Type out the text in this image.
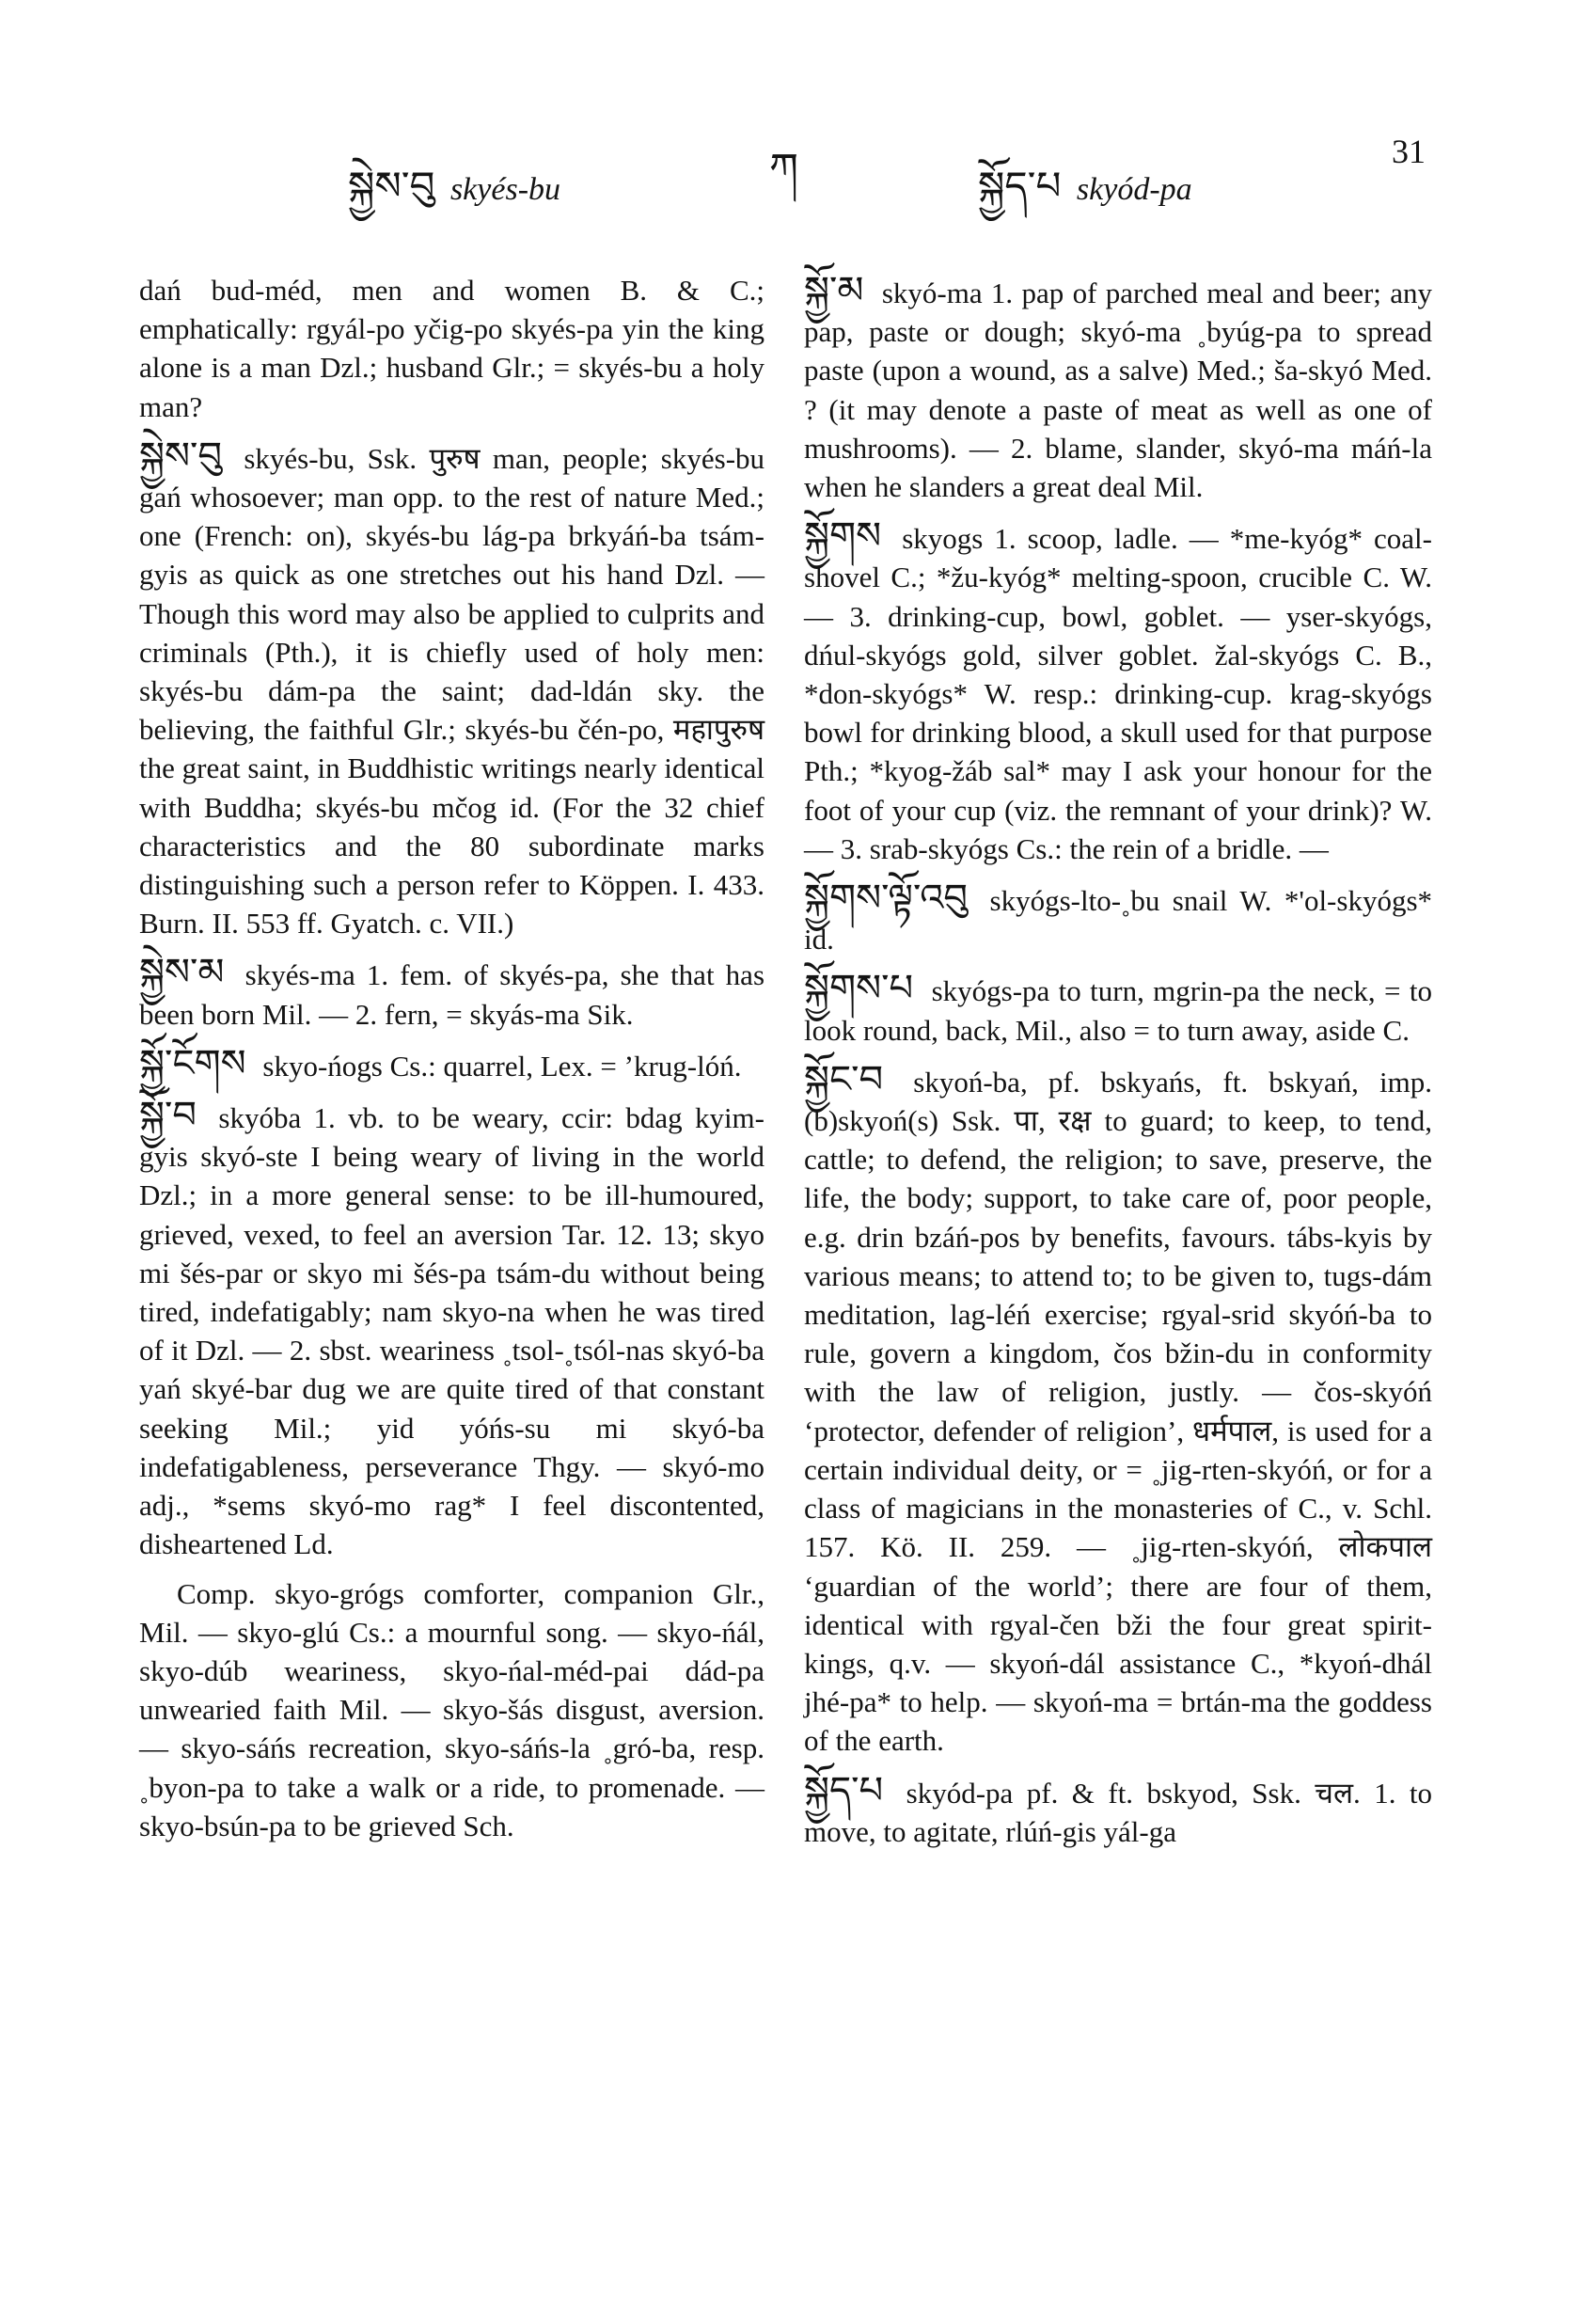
སྐྱེས་བུ skyés-bu	ཀ	སྐྱོད་པ skyód-pa
31

dań bud-méd, men and women B. & C.; emphatically: rgyál-po yčig-po skyés-pa yin the king alone is a man Dzl.; husband Glr.; = skyés-bu a holy man?

སྐྱེས་བུ skyés-bu, Ssk. पुरुष man, people; skyés-bu gań whosoever; man opp. to the rest of nature Med.; one (French: on), skyés-bu lág-pa brkyáń-ba tsám-gyis as quick as one stretches out his hand Dzl. — Though this word may also be applied to culprits and criminals (Pth.), it is chiefly used of holy men: skyés-bu dám-pa the saint; dad-ldán sky. the believing, the faithful Glr.; skyés-bu čén-po, महापुरुष the great saint, in Buddhistic writings nearly identical with Buddha; skyés-bu mčog id. (For the 32 chief characteristics and the 80 subordinate marks distinguishing such a person refer to Köppen. I. 433. Burn. II. 553 ff. Gyatch. c. VII.)

སྐྱེས་མ skyés-ma 1. fem. of skyés-pa, she that has been born Mil. — 2. fern, = skyás-ma Sik.

སྐྱོ་ངོགས skyo-ńogs Cs.: quarrel, Lex. = ʼkrug-lóń.

སྐྱོ་བ skyóba 1. vb. to be weary, ccir: bdag kyim-gyis skyó-ste I being weary of living in the world Dzl.; in a more general sense: to be ill-humoured, grieved, vexed, to feel an aversion Tar. 12. 13; skyo mi šés-par or skyo mi šés-pa tsám-du without being tired, indefatigably; nam skyo-na when he was tired of it Dzl. — 2. sbst. weariness ˳tsol-˳tsól-nas skyó-ba yań skyé-bar dug we are quite tired of that constant seeking Mil.; yid yóńs-su mi skyó-ba indefatigableness, perseverance Thgy. — skyó-mo adj., *sems skyó-mo rag* I feel discontented, disheartened Ld.

Comp. skyo-grógs comforter, companion Glr., Mil. — skyo-glú Cs.: a mournful song. — skyo-ńál, skyo-dúb weariness, skyo-ńal-méd-pai dád-pa unwearied faith Mil. — skyo-šás disgust, aversion. — skyo-sáńs recreation, skyo-sáńs-la ˳gró-ba, resp. ˳byon-pa to take a walk or a ride, to promenade. — skyo-bsún-pa to be grieved Sch.

སྐྱོ་མ skyó-ma 1. pap of parched meal and beer; any pap, paste or dough; skyó-ma ˳byúg-pa to spread paste (upon a wound, as a salve) Med.; ša-skyó Med. ? (it may denote a paste of meat as well as one of mushrooms). — 2. blame, slander, skyó-ma máń-la when he slanders a great deal Mil.

སྐྱོགས skyogs 1. scoop, ladle. — *me-kyóg* coal-shovel C.; *žu-kyóg* melting-spoon, crucible C. W. — 3. drinking-cup, bowl, goblet. — yser-skyógs, dńul-skyógs gold, silver goblet. žal-skyógs C. B., *don-skyógs* W. resp.: drinking-cup. krag-skyógs bowl for drinking blood, a skull used for that purpose Pth.; *kyog-žáb sal* may I ask your honour for the foot of your cup (viz. the remnant of your drink)? W. — 3. srab-skyógs Cs.: the rein of a bridle. —

སྐྱོགས་ལྟོ་འབུ skyógs-lto-˳bu snail W. *'ol-skyógs* id.

སྐྱོགས་པ skyógs-pa to turn, mgrin-pa the neck, = to look round, back, Mil., also = to turn away, aside C.

སྐྱོང་བ skyoń-ba, pf. bskyańs, ft. bskyań, imp. (b)skyoń(s) Ssk. पा, रक्ष to guard; to keep, to tend, cattle; to defend, the religion; to save, preserve, the life, the body; support, to take care of, poor people, e.g. drin bzáń-pos by benefits, favours. tábs-kyis by various means; to attend to; to be given to, tugs-dám meditation, lag-léń exercise; rgyal-srid skyóń-ba to rule, govern a kingdom, čos bžin-du in conformity with the law of religion, justly. — čos-skyóń ‘protector, defender of religion’, धर्मपाल, is used for a certain individual deity, or = ˳jig-rten-skyóń, or for a class of magicians in the monasteries of C., v. Schl. 157. Kö. II. 259. — ˳jig-rten-skyóń, लोकपाल ‘guardian of the world’; there are four of them, identical with rgyal-čen bži the four great spirit-kings, q.v. — skyoń-dál assistance C., *kyoń-dhál jhé-pa* to help. — skyoń-ma = brtán-ma the goddess of the earth.

སྐྱོད་པ skyód-pa pf. & ft. bskyod, Ssk. चल. 1. to move, to agitate, rlúń-gis yál-ga
